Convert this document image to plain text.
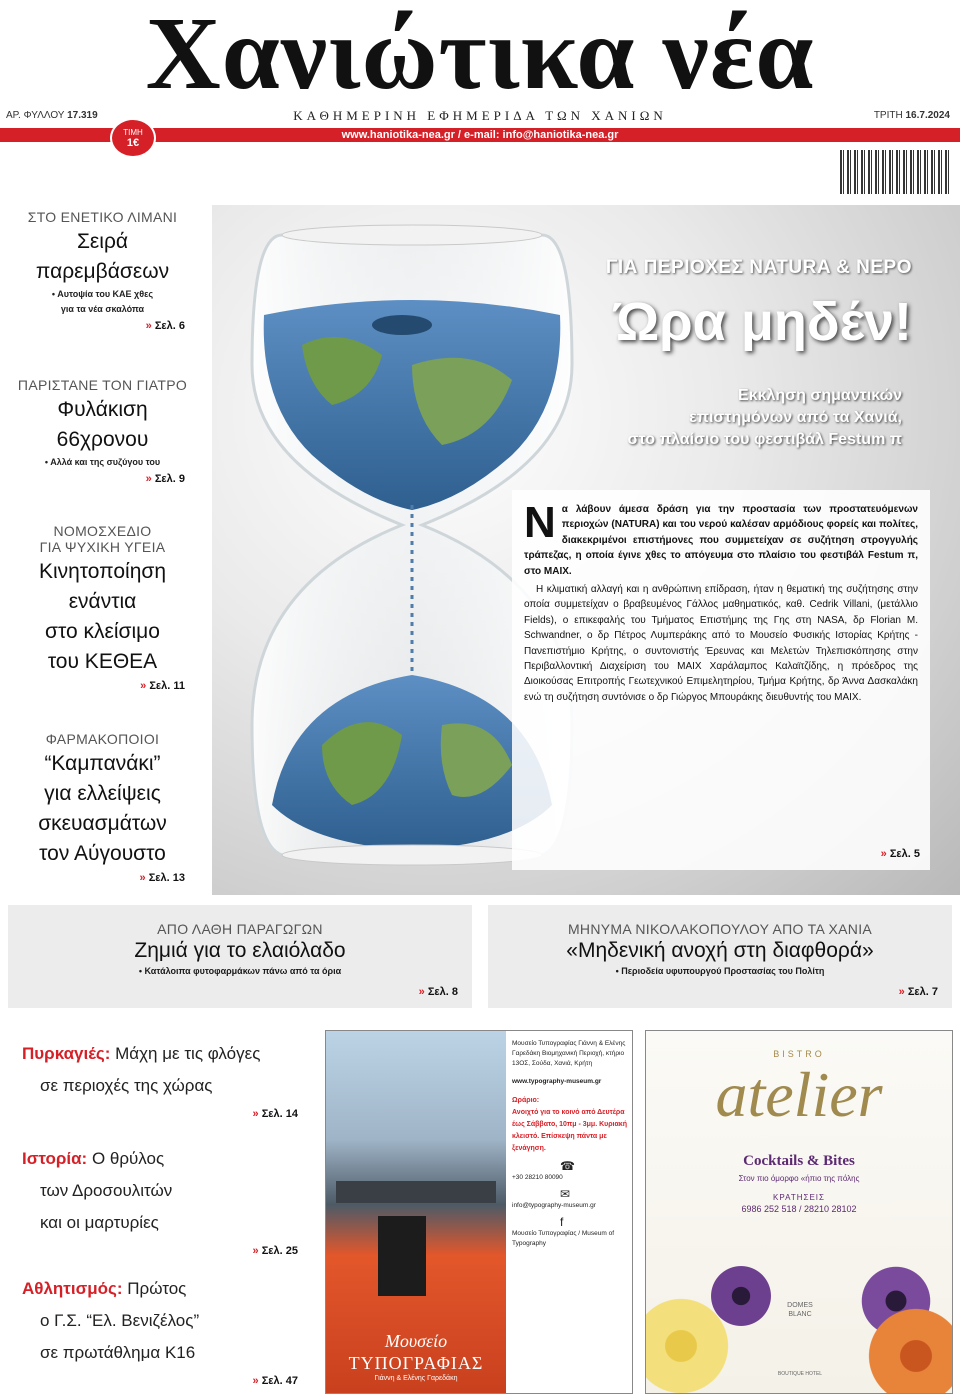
Χανιώτικα νέα
ΑΡ. ΦΥΛΛΟΥ 17.319	ΚΑΘΗΜΕΡΙΝΗ ΕΦΗΜΕΡΙΔΑ ΤΩΝ ΧΑΝΙΩΝ	ΤΡΙΤΗ 16.7.2024
www.haniotika-nea.gr / e-mail: info@haniotika-nea.gr
ΤΙΜΗ
1€
ΣΤΟ ΕΝΕΤΙΚΟ ΛΙΜΑΝΙ
Σειρά
παρεμβάσεων
• Αυτοψία του ΚΑΕ χθες
για τα νέα σκαλόπα
» Σελ. 6
ΠΑΡΙΣΤΑΝΕ ΤΟΝ ΓΙΑΤΡΟ
Φυλάκιση
66χρονου
• Αλλά και της συζύγου του
» Σελ. 9
ΝΟΜΟΣΧΕΔΙΟ
ΓΙΑ ΨΥΧΙΚΗ ΥΓΕΙΑ
Κινητοποίηση
ενάντια
στο κλείσιμο
του ΚΕΘΕΑ
» Σελ. 11
ΦΑΡΜΑΚΟΠΟΙΟΙ
“Καμπανάκι”
για ελλείψεις
σκευασμάτων
τον Αύγουστο
» Σελ. 13
ΓΙΑ ΠΕΡΙΟΧΕΣ NATURA & ΝΕΡΟ
Ώρα μηδέν!
Εκκληση σημαντικών
επιστημόνων από τα Χανιά,
στο πλαίσιο του φεστιβάλ Festum π
Ν α λάβουν άμεσα δράση για την προστασία των προστατευόμενων περιοχών (NATURA) και του νερού καλέσαν αρμόδιους φορείς και πολίτες, διακεκριμένοι επιστήμονες που συμμετείχαν σε συζήτηση στρογγυλής τράπεζας, η οποία έγινε χθες το απόγευμα στο πλαίσιο του φεστιβάλ Festum π, στο ΜΑΙΧ.
Η κλιματική αλλαγή και η ανθρώπινη επίδραση, ήταν η θεματική της συζήτησης στην οποία συμμετείχαν ο βραβευμένος Γάλλος μαθηματικός, καθ. Cedrik Villani, (μετάλλιο Fields), ο επικεφαλής του Τμήματος Επιστήμης της Γης στη NASA, δρ Florian M. Schwandner, ο δρ Πέτρος Λυμπεράκης από το Μουσείο Φυσικής Ιστορίας Κρήτης - Πανεπιστήμιο Κρήτης, ο συντονιστής Έρευνας και Μελετών Τηλεπισκόπησης στην Περιβαλλοντική Διαχείριση του ΜΑΙΧ Χαράλαμπος Καλαϊτζίδης, η πρόεδρος της Διοικούσας Επιτροπής Γεωτεχνικού Επιμελητηρίου, Τμήμα Κρήτης, δρ Άννα Δασκαλάκη ενώ τη συζήτηση συντόνισε ο δρ Γιώργος Μπουράκης διευθυντής του ΜΑΙΧ.
» Σελ. 5
ΑΠΟ ΛΑΘΗ ΠΑΡΑΓΩΓΩΝ
Ζημιά για το ελαιόλαδο
• Κατάλοιπα φυτοφαρμάκων πάνω από τα όρια
» Σελ. 8
ΜΗΝΥΜΑ ΝΙΚΟΛΑΚΟΠΟΥΛΟΥ ΑΠΟ ΤΑ ΧΑΝΙΑ
«Μηδενική ανοχή στη διαφθορά»
• Περιοδεία υφυπουργού Προστασίας του Πολίτη
» Σελ. 7
Πυρκαγιές: Μάχη με τις φλόγες
σε περιοχές της χώρας
» Σελ. 14
Ιστορία: Ο θρύλος
των Δροσουλιτών
και οι μαρτυρίες
» Σελ. 25
Αθλητισμός: Πρώτος
ο Γ.Σ. “Ελ. Βενιζέλος”
σε πρωτάθλημα Κ16
» Σελ. 47
Μουσείο
ΤΥΠΟΓΡΑΦΙΑΣ
Γιάννη & Ελένης Γαρεδάκη
Μουσείο Τυπογραφίας Γιάννη & Ελένης Γαρεδάκη Βιομηχανική Περιοχή, κτήριο 13ΟΣ, Σούδα, Χανιά, Κρήτη
www.typography-museum.gr
Ωράριο:
Ανοιχτό για το κοινό από Δευτέρα έως Σάββατο, 10πμ - 3μμ. Κυριακή κλειστό. Επίσκεψη πάντα με ξενάγηση.
☎
+30 28210 80090
✉
info@typography-museum.gr
f
Μουσείο Τυπογραφίας / Museum of Typography
BISTRO
atelier
Cocktails & Bites
Στον πιο όμορφο «ήπιο της πόλης
ΚΡΑΤΗΣΕΙΣ
6986 252 518 / 28210 28102
DOMES
BLANC
BOUTIQUE HOTEL
